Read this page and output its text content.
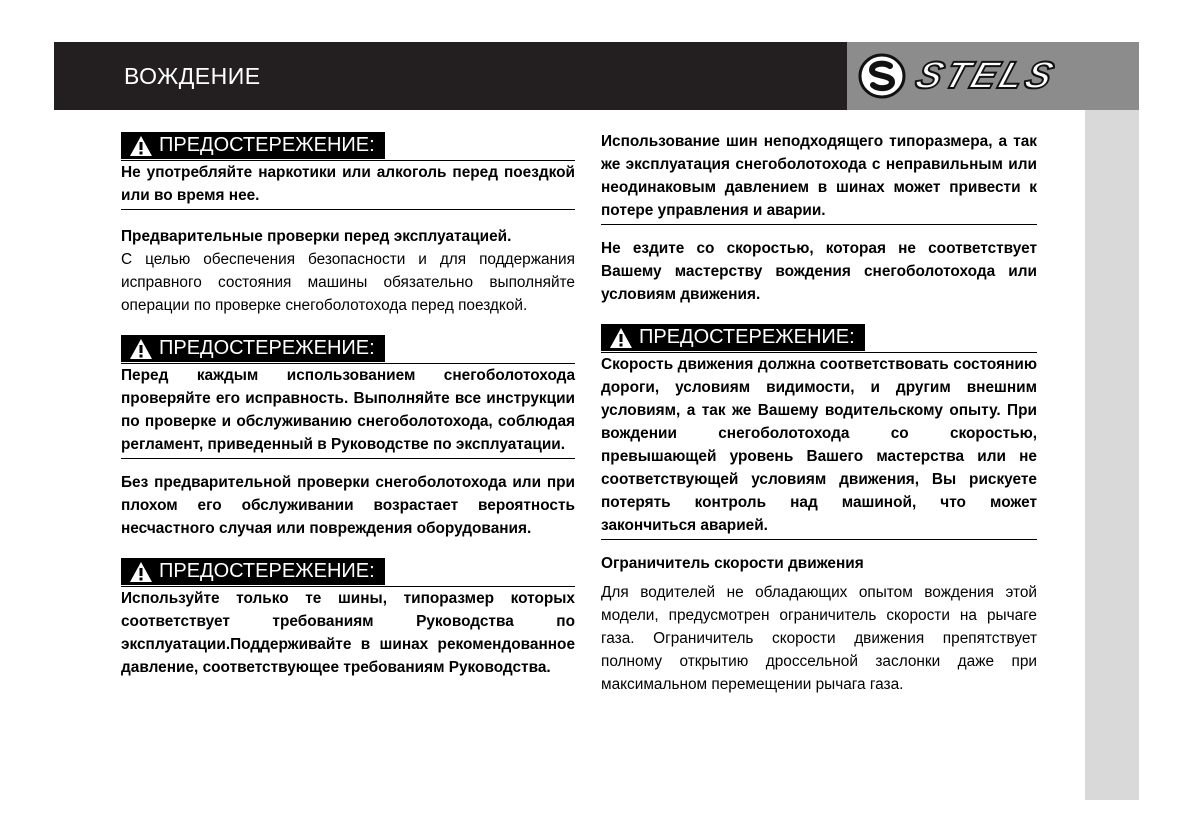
ВОЖДЕНИЕ	STELS
ПРЕДОСТЕРЕЖЕНИЕ:

Не употребляйте наркотики или алкоголь перед поездкой или во время нее.

Предварительные проверки перед эксплуатацией.

С целью обеспечения безопасности и для поддержания исправного состояния машины обязательно выполняйте операции по проверке снегоболотохода перед поездкой.

ПРЕДОСТЕРЕЖЕНИЕ:

Перед каждым использованием снегоболотохода проверяйте его исправность. Выполняйте все инструкции по проверке и обслуживанию снегоболотохода, соблюдая регламент, приведенный в Руководстве по эксплуатации.

Без предварительной проверки снегоболотохода или при плохом его обслуживании возрастает вероятность несчастного случая или повреждения оборудования.

ПРЕДОСТЕРЕЖЕНИЕ:

Используйте только те шины, типоразмер которых соответствует требованиям Руководства по эксплуатации.Поддерживайте в шинах рекомендованное давление, соответствующее требованиям Руководства.

Использование шин неподходящего типоразмера, а так же эксплуатация снегоболотохода с неправильным или неодинаковым давлением в шинах может привести к потере управления и аварии.

Не ездите со скоростью, которая не соответствует Вашему мастерству вождения снегоболотохода или условиям движения.

ПРЕДОСТЕРЕЖЕНИЕ:

Скорость движения должна соответствовать состоянию дороги, условиям видимости, и другим внешним условиям, а так же Вашему водительскому опыту. При вождении снегоболотохода со скоростью, превышающей уровень Вашего мастерства или не соответствующей условиям движения, Вы рискуете потерять контроль над машиной, что может закончиться аварией.

Ограничитель скорости движения

Для водителей не обладающих опытом вождения этой модели, предусмотрен ограничитель скорости на рычаге газа. Ограничитель скорости движения препятствует полному открытию дроссельной заслонки даже при максимальном перемещении рычага газа.
